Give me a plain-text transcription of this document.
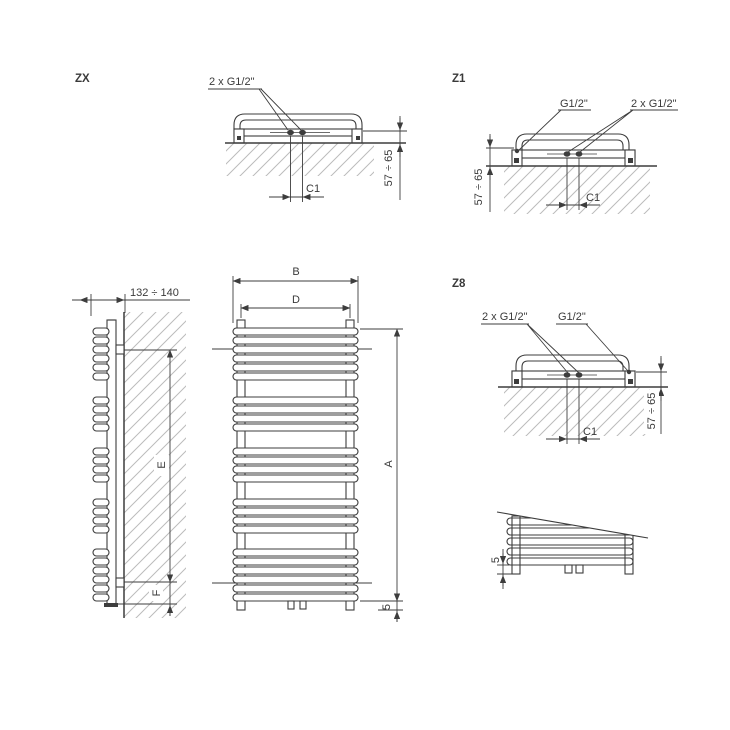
ZX	2 x G1/2"
57 ÷ 65
C1
Z1
G1/2"	2 x G1/2"
57 ÷ 65	C1
Z8
2 x G1/2"	G1/2"
57 ÷ 65
C1
132 ÷ 140
E
F
B
D
A
5
5
